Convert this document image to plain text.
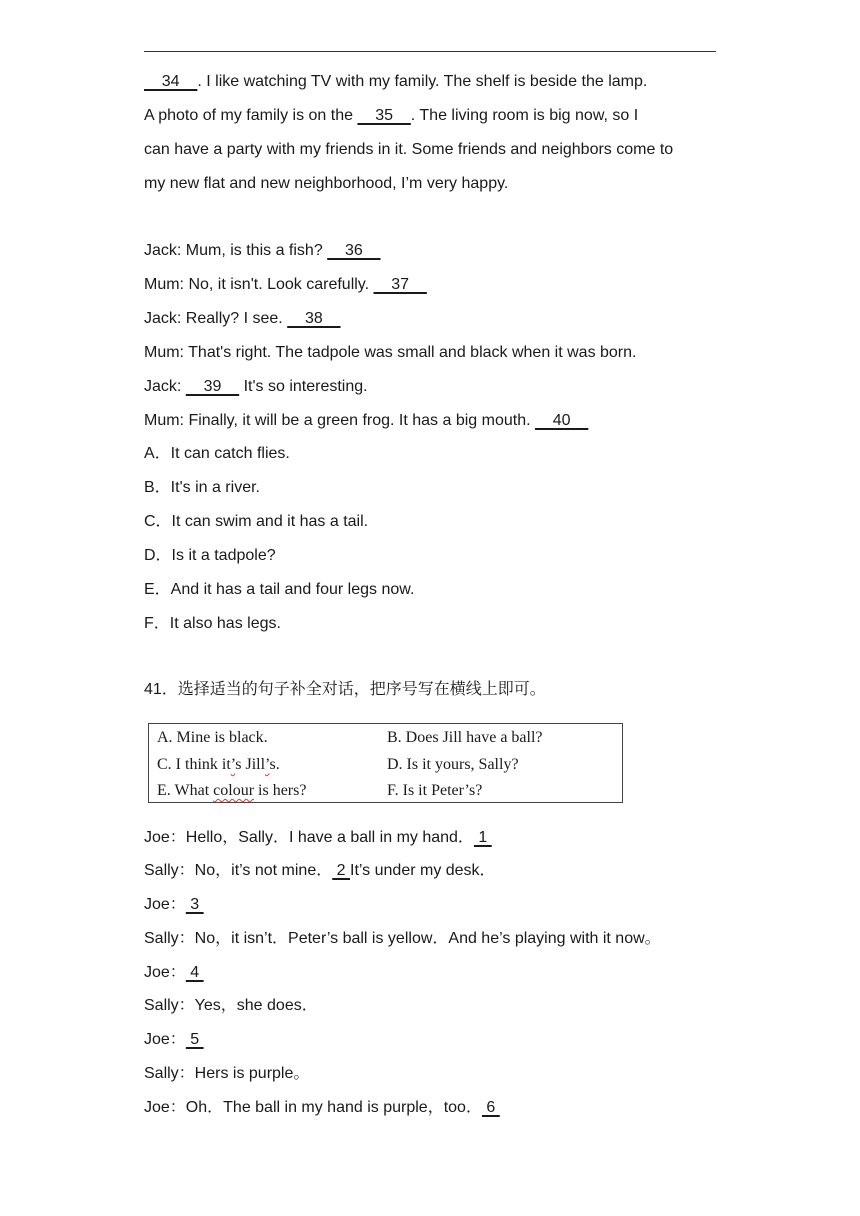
34    . I like watching TV with my family. The shelf is beside the lamp.
A photo of my family is on the     35    . The living room is big now, so I
can have a party with my friends in it. Some friends and neighbors come to
my new flat and new neighborhood, I’m very happy.
Jack: Mum, is this a fish?     36
Mum: No, it isn't. Look carefully.     37
Jack: Really? I see.     38
Mum: That's right. The tadpole was small and black when it was born.
Jack:     39     It's so interesting.
Mum: Finally, it will be a green frog. It has a big mouth.     40
A．It can catch flies.
B．It's in a river.
C．It can swim and it has a tail.
D．Is it a tadpole?
E．And it has a tail and four legs now.
F．It also has legs.
41．选择适当的句子补全对话，把序号写在横线上即可。
A. Mine is black.	B. Does Jill have a ball?
C. I think it’s Jill’s.	D. Is it yours, Sally?
E. What colour is hers?	F. Is it Peter’s?
Joe：Hello，Sally．I have a ball in my hand． 1
Sally：No，it’s not mine． 2 It’s under my desk．
Joe： 3
Sally：No，it isn’t．Peter’s ball is yellow．And he’s playing with it now。
Joe： 4
Sally：Yes，she does．
Joe： 5
Sally：Hers is purple。
Joe：Oh．The ball in my hand is purple，too． 6
